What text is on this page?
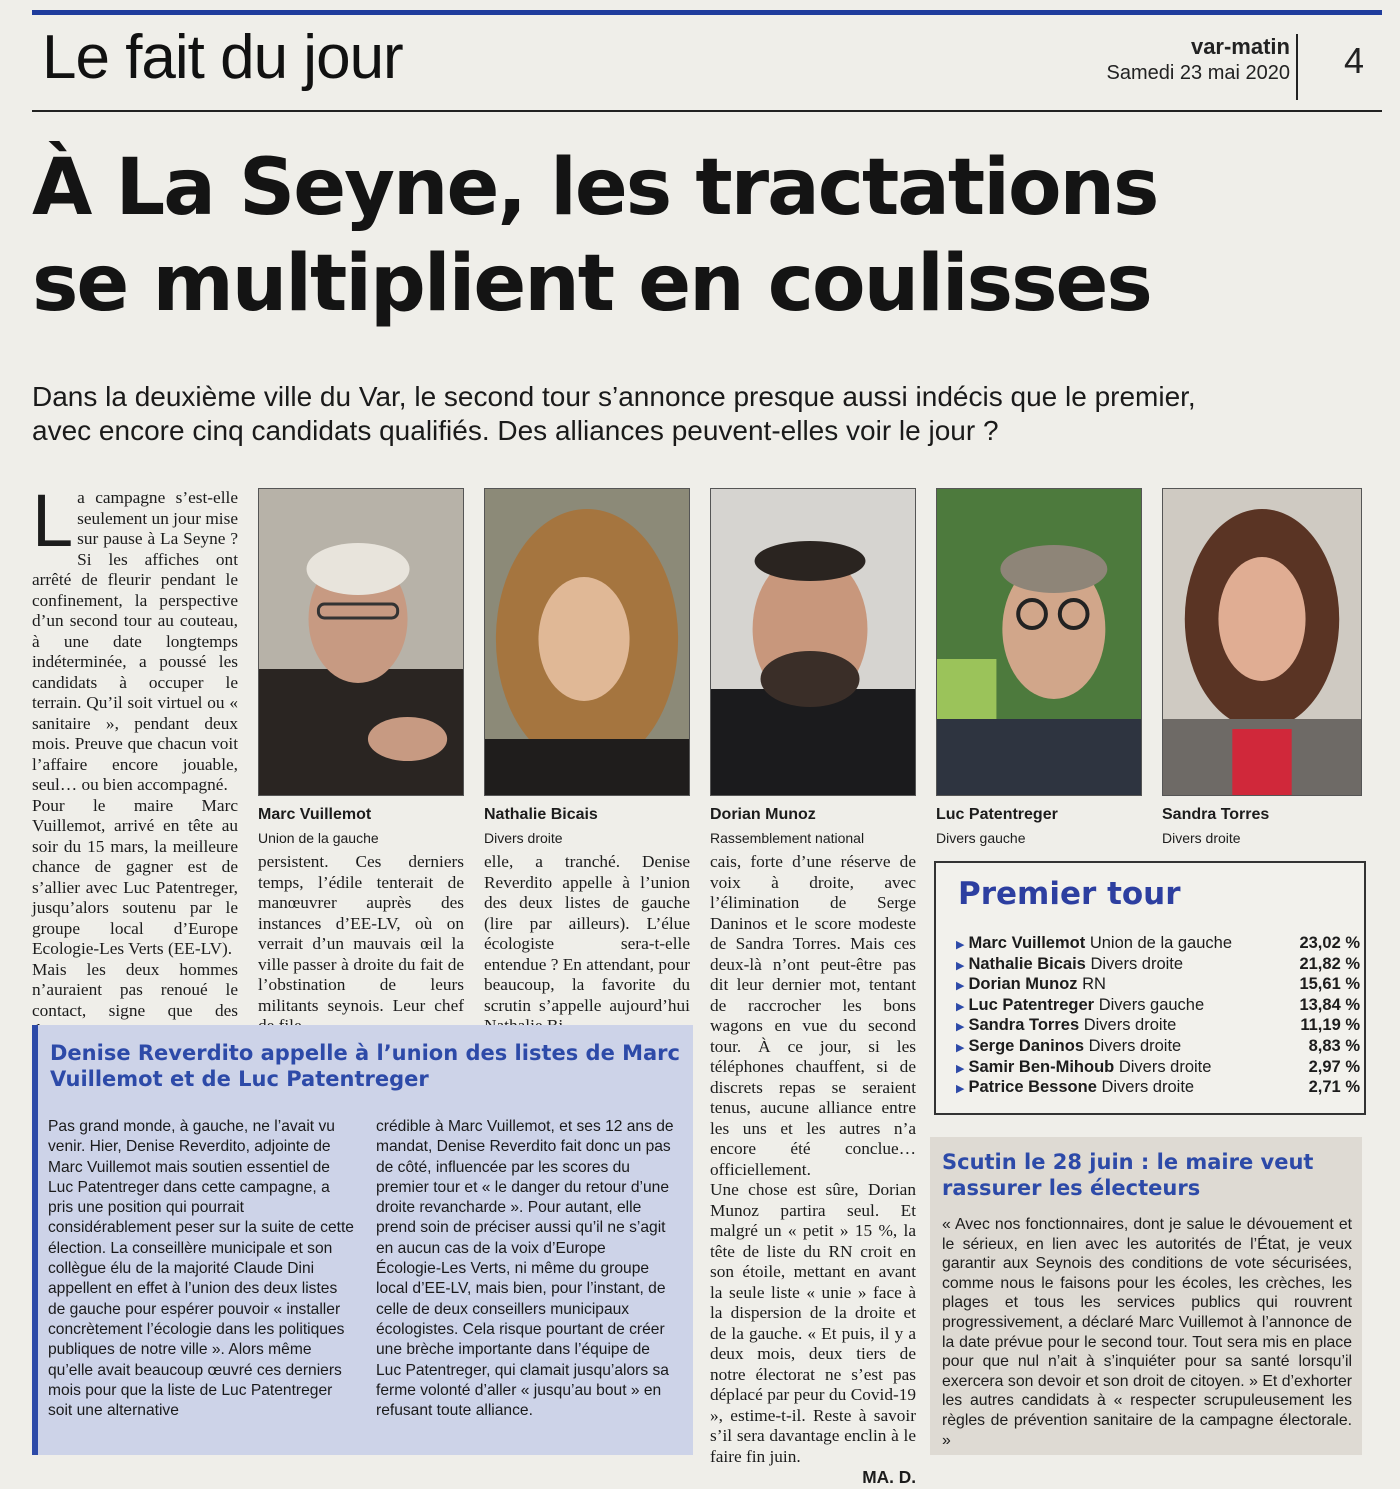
Le fait du jour	var-matin
Samedi 23 mai 2020 4
À La Seyne, les tractations
se multiplient en coulisses
Dans la deuxième ville du Var, le second tour s’annonce presque aussi indécis que le premier,
avec encore cinq candidats qualifiés. Des alliances peuvent-elles voir le jour ?

La campagne s’est-elle seulement un jour mise sur pause à La Seyne ? Si les affiches ont arrêté de fleurir pendant le confinement, la perspective d’un second tour au couteau, à une date longtemps indéterminée, a poussé les candidats à occuper le terrain. Qu’il soit virtuel ou « sanitaire », pendant deux mois. Preuve que chacun voit l’affaire encore jouable, seul… ou bien accompagné.

Pour le maire Marc Vuillemot, arrivé en tête au soir du 15 mars, la meilleure chance de gagner est de s’allier avec Luc Patentreger, jusqu’alors soutenu par le groupe local d’Europe Ecologie-Les Verts (EE-LV).

Mais les deux hommes n’auraient pas renoué le contact, signe que des

Marc Vuillemot
Union de la gauche
Nathalie Bicais
Divers droite
Dorian Munoz
Rassemblement national
Luc Patentreger
Divers gauche
Sandra Torres
Divers droite
persistent. Ces derniers temps, l’édile tenterait de manœuvrer auprès des instances d’EE-LV, où on verrait d’un mauvais œil la ville passer à droite du fait de l’obstination de leurs militants seynois. Leur chef
elle, a tranché. Denise Reverdito appelle à l’union des deux listes de gauche (lire par ailleurs). L’élue écologiste sera-t-elle entendue ? En attendant, pour beaucoup, la favorite du scrutin s’appelle aujourd’hui

cais, forte d’une réserve de voix à droite, avec l’élimination de Serge Daninos et le score modeste de Sandra Torres. Mais ces deux-là n’ont peut-être pas dit leur dernier mot, tentant de raccrocher les bons wagons en vue du second tour. À ce jour, si les téléphones chauffent, si de discrets repas se seraient tenus, aucune alliance entre les uns et les autres n’a encore été conclue… officiellement.

Une chose est sûre, Dorian Munoz partira seul. Et malgré un « petit » 15 %, la tête de liste du RN croit en son étoile, mettant en avant la seule liste « unie » face à la dispersion de la droite et de la gauche. « Et puis, il y a deux mois, deux tiers de notre électorat ne s’est pas déplacé par peur du Covid-19 », estime-t-il. Reste à savoir s’il sera davantage enclin à le faire fin juin.

MA. D.

Denise Reverdito appelle à l’union des listes de Marc Vuillemot et de Luc Patentreger
Pas grand monde, à gauche, ne l’avait vu venir. Hier, Denise Reverdito, adjointe de Marc Vuillemot mais soutien essentiel de Luc Patentreger dans cette campagne, a pris une position qui pourrait considérablement peser sur la suite de cette élection. La conseillère municipale et son collègue élu de la majorité Claude Dini appellent en effet à l’union des deux listes de gauche pour espérer pouvoir « installer concrètement l’écologie dans les politiques publiques de notre ville ». Alors même qu’elle avait beaucoup œuvré ces derniers mois pour que la liste de Luc Patentreger soit une alternative
crédible à Marc Vuillemot, et ses 12 ans de mandat, Denise Reverdito fait donc un pas de côté, influencée par les scores du premier tour et « le danger du retour d’une droite revancharde ». Pour autant, elle prend soin de préciser aussi qu’il ne s’agit en aucun cas de la voix d’Europe Écologie-Les Verts, ni même du groupe local d’EE-LV, mais bien, pour l’instant, de celle de deux conseillers municipaux écologistes. Cela risque pourtant de créer une brèche importante dans l’équipe de Luc Patentreger, qui clamait jusqu’alors sa ferme volonté d’aller « jusqu’au bout » en refusant toute alliance.
Premier tour
▶ Marc Vuillemot Union de la gauche	23,02 %
▶ Nathalie Bicais Divers droite	21,82 %
▶ Dorian Munoz RN	15,61 %
▶ Luc Patentreger Divers gauche	13,84 %
▶ Sandra Torres Divers droite	11,19 %
▶ Serge Daninos Divers droite	8,83 %
▶ Samir Ben-Mihoub Divers droite	2,97 %
▶ Patrice Bessone Divers droite	2,71 %
Scutin le 28 juin : le maire veut rassurer les électeurs
« Avec nos fonctionnaires, dont je salue le dévouement et le sérieux, en lien avec les autorités de l’État, je veux garantir aux Seynois des conditions de vote sécurisées, comme nous le faisons pour les écoles, les crèches, les plages et tous les services publics qui rouvrent progressivement, a déclaré Marc Vuillemot à l’annonce de la date prévue pour le second tour. Tout sera mis en place pour que nul n’ait à s’inquiéter pour sa santé lorsqu’il exercera son devoir et son droit de citoyen. » Et d’exhorter les autres candidats à « respecter scrupuleusement les règles de prévention sanitaire de la campagne électorale. »
